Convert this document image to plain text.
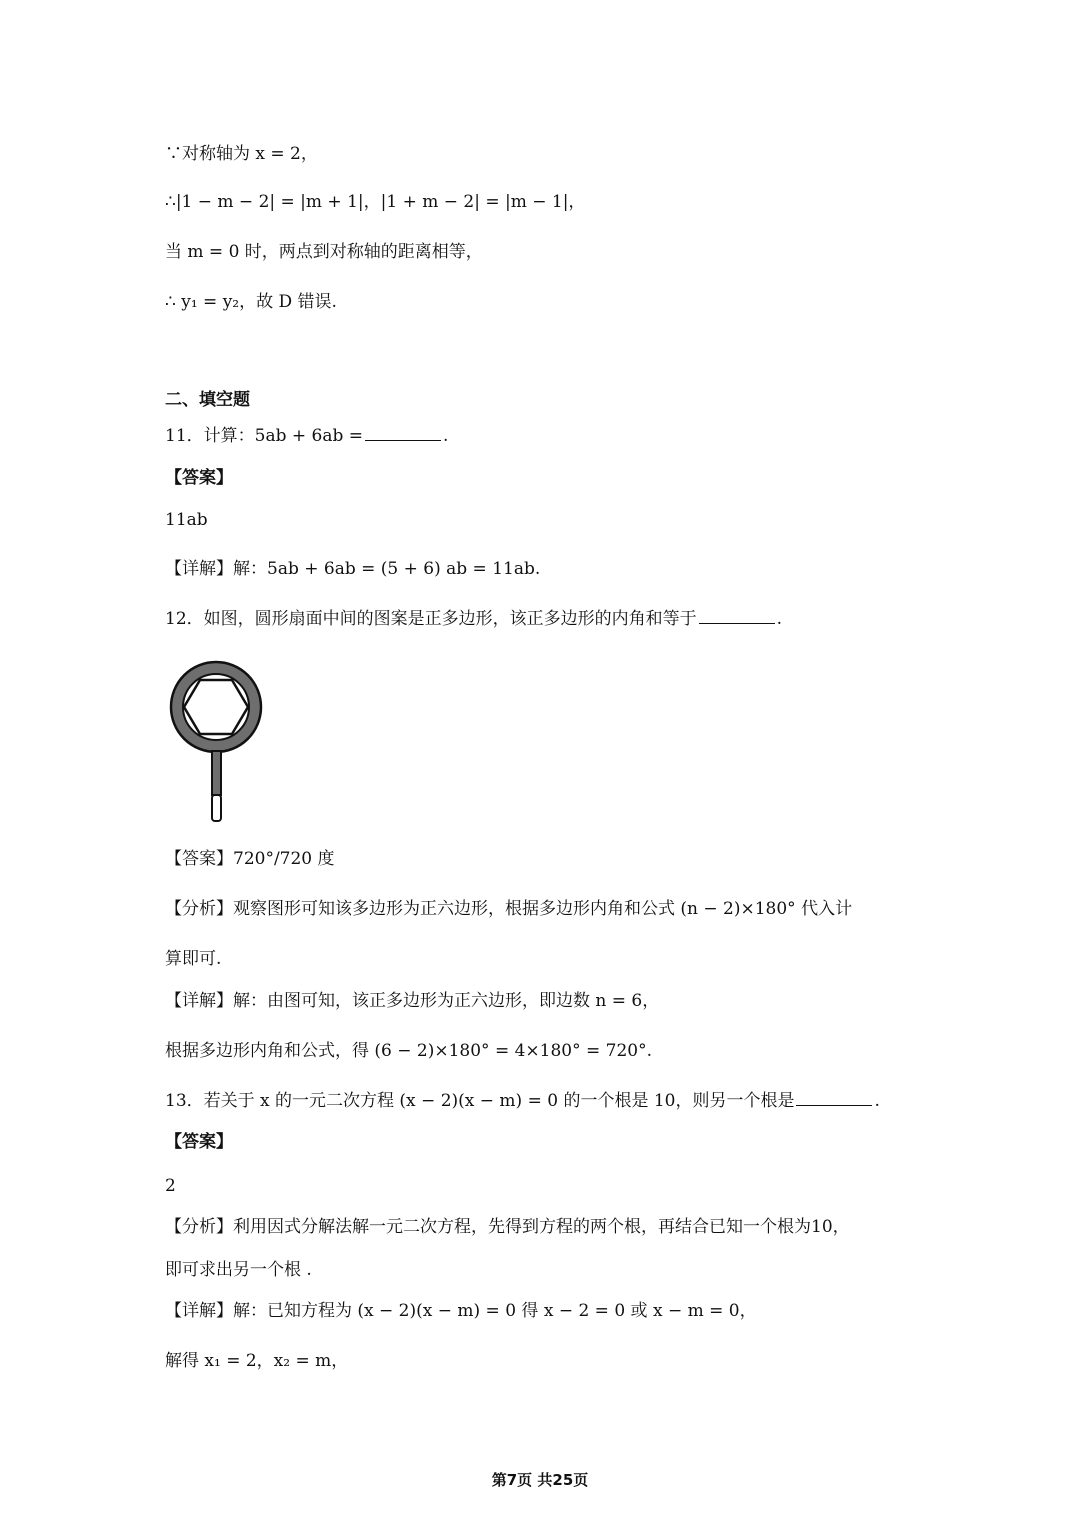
∵对称轴为 x = 2，
∴|1 − m − 2| = |m + 1|，|1 + m − 2| = |m − 1|，
当 m = 0 时，两点到对称轴的距离相等，
∴ y₁ = y₂，故 D 错误.
二、填空题
11．计算：5ab + 6ab =	.
【答案】
11ab
【详解】解：5ab + 6ab = (5 + 6) ab = 11ab.
12．如图，圆形扇面中间的图案是正多边形，该正多边形的内角和等于	.
【答案】720°/720 度
【分析】观察图形可知该多边形为正六边形，根据多边形内角和公式 (n − 2)×180° 代入计
算即可.
【详解】解：由图可知，该正多边形为正六边形，即边数 n = 6，
根据多边形内角和公式，得 (6 − 2)×180° = 4×180° = 720°.
13．若关于 x 的一元二次方程 (x − 2)(x − m) = 0 的一个根是 10，则另一个根是	.
【答案】
2
【分析】利用因式分解法解一元二次方程，先得到方程的两个根，再结合已知一个根为10，
即可求出另一个根 .
【详解】解：已知方程为 (x − 2)(x − m) = 0 得 x − 2 = 0 或 x − m = 0，
解得 x₁ = 2，x₂ = m，
第7页 共25页
